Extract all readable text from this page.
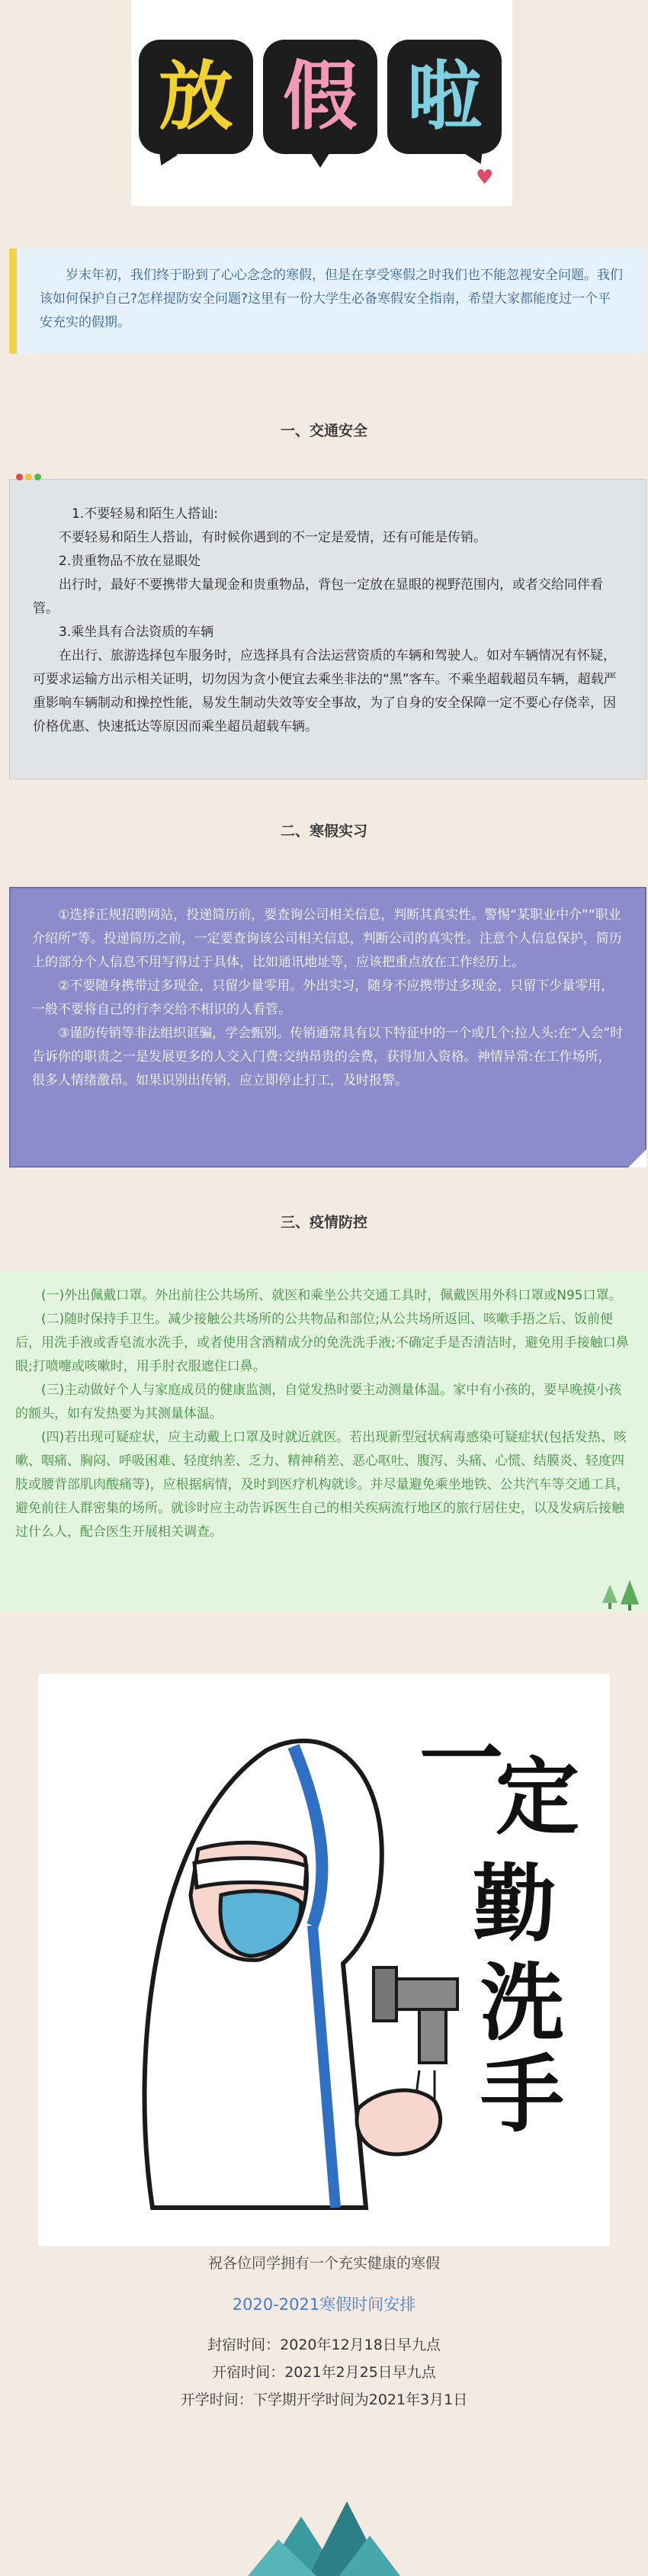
放 假 啦
♥
岁末年初，我们终于盼到了心心念念的寒假，但是在享受寒假之时我们也不能忽视安全问题。我们该如何保护自己?怎样提防安全问题?这里有一份大学生必备寒假安全指南，希望大家都能度过一个平安充实的假期。
一、交通安全

1.不要轻易和陌生人搭讪:

不要轻易和陌生人搭讪，有时候你遇到的不一定是爱情，还有可能是传销。

2.贵重物品不放在显眼处

出行时，最好不要携带大量现金和贵重物品，背包一定放在显眼的视野范围内，或者交给同伴看管。

3.乘坐具有合法资质的车辆

在出行、旅游选择包车服务时，应选择具有合法运营资质的车辆和驾驶人。如对车辆情况有怀疑，可要求运输方出示相关证明，切勿因为贪小便宜去乘坐非法的“黑”客车。不乘坐超载超员车辆，超载严重影响车辆制动和操控性能，易发生制动失效等安全事故，为了自身的安全保障一定不要心存侥幸，因价格优惠、快速抵达等原因而乘坐超员超载车辆。

二、寒假实习

①选择正规招聘网站，投递简历前，要查询公司相关信息，判断其真实性。警惕“某职业中介”“职业介绍所”等。投递简历之前，一定要查询该公司相关信息，判断公司的真实性。注意个人信息保护，简历上的部分个人信息不用写得过于具体，比如通讯地址等，应该把重点放在工作经历上。

②不要随身携带过多现金，只留少量零用。外出实习，随身不应携带过多现金，只留下少量零用，一般不要将自己的行李交给不相识的人看管。

③谨防传销等非法组织诓骗，学会甄别。传销通常具有以下特征中的一个或几个:拉人头:在“入会”时告诉你的职责之一是发展更多的人交入门费:交纳昂贵的会费，获得加入资格。神情异常:在工作场所，很多人情绪激昂。如果识别出传销，应立即停止打工，及时报警。

三、疫情防控

(一)外出佩戴口罩。外出前往公共场所、就医和乘坐公共交通工具时，佩戴医用外科口罩或N95口罩。

(二)随时保持手卫生。减少接触公共场所的公共物品和部位;从公共场所返回、咳嗽手捂之后、饭前便后，用洗手液或香皂流水洗手，或者使用含酒精成分的免洗洗手液;不确定手是否清洁时，避免用手接触口鼻眼;打喷嚏或咳嗽时，用手肘衣服遮住口鼻。

(三)主动做好个人与家庭成员的健康监测，自觉发热时要主动测量体温。家中有小孩的，要早晚摸小孩的额头，如有发热要为其测量体温。

(四)若出现可疑症状，应主动戴上口罩及时就近就医。若出现新型冠状病毒感染可疑症状(包括发热、咳嗽、咽痛、胸闷、呼吸困难、轻度纳差、乏力、精神稍差、恶心呕吐、腹泻、头痛、心慌、结膜炎、轻度四肢或腰背部肌肉酸痛等)，应根据病情，及时到医疗机构就诊。并尽量避免乘坐地铁、公共汽车等交通工具，避免前往人群密集的场所。就诊时应主动告诉医生自己的相关疾病流行地区的旅行居住史，以及发病后接触过什么人，配合医生开展相关调查。

一
定
勤
洗
手
祝各位同学拥有一个充实健康的寒假
2020-2021寒假时间安排
封宿时间：2020年12月18日早九点
开宿时间：2021年2月25日早九点
开学时间：下学期开学时间为2021年3月1日
